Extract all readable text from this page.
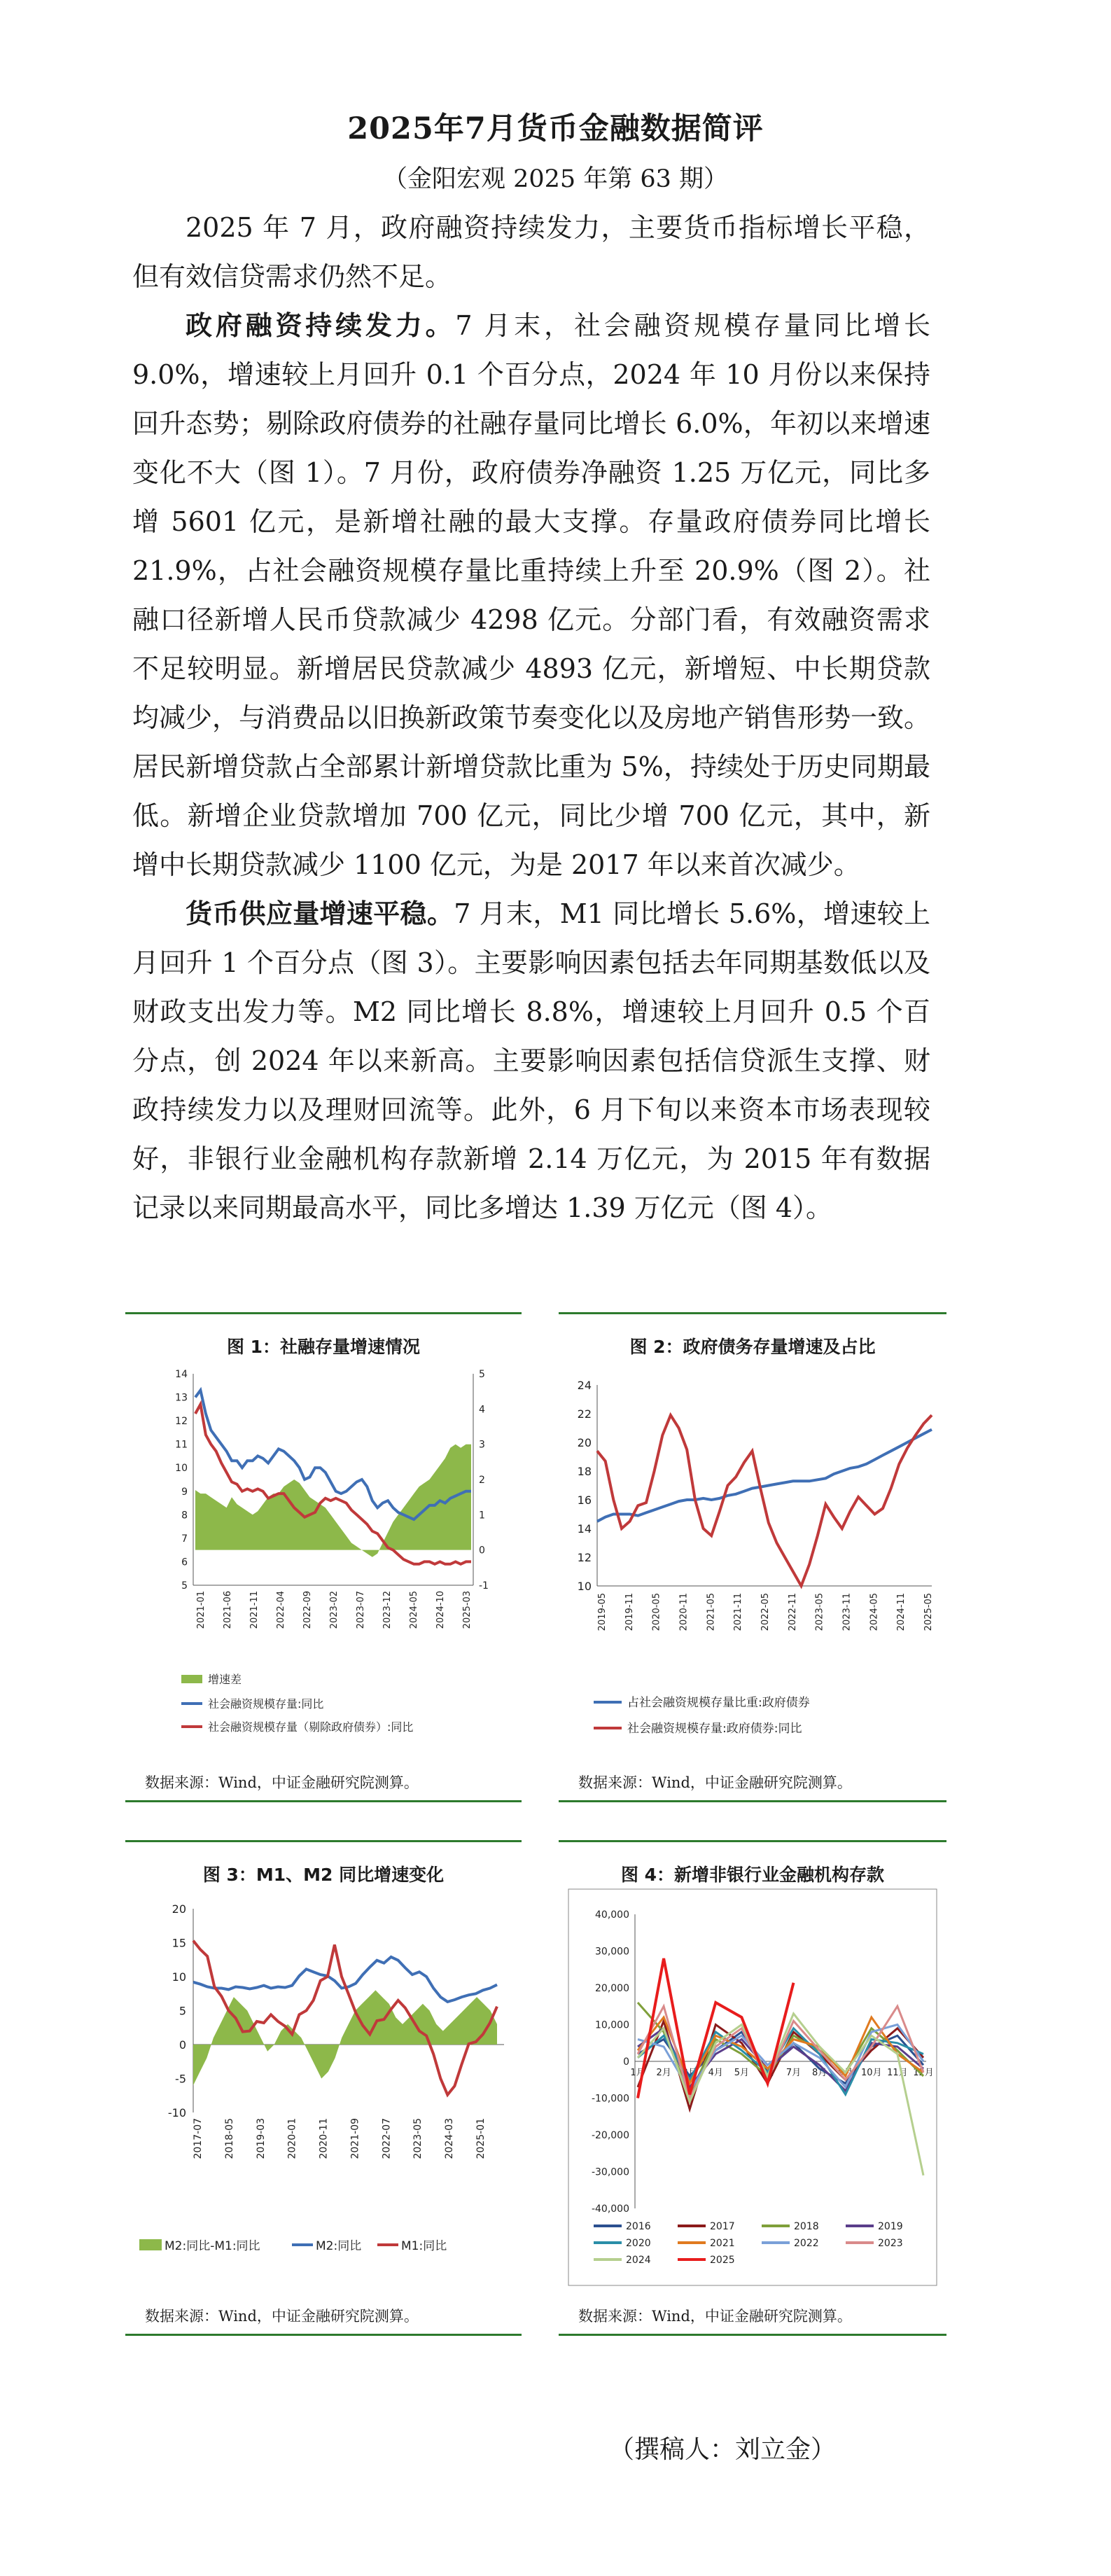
2025年7月货币金融数据简评
（金阳宏观 2025 年第 63 期）

2025 年 7 月，政府融资持续发力，主要货币指标增长平稳，但有效信贷需求仍然不足。

政府融资持续发力。7 月末，社会融资规模存量同比增长 9.0%，增速较上月回升 0.1 个百分点，2024 年 10 月份以来保持回升态势；剔除政府债券的社融存量同比增长 6.0%，年初以来增速变化不大（图 1）。7 月份，政府债券净融资 1.25 万亿元，同比多增 5601 亿元，是新增社融的最大支撑。存量政府债券同比增长 21.9%，占社会融资规模存量比重持续上升至 20.9%（图 2）。社融口径新增人民币贷款减少 4298 亿元。分部门看，有效融资需求不足较明显。新增居民贷款减少 4893 亿元，新增短、中长期贷款均减少，与消费品以旧换新政策节奏变化以及房地产销售形势一致。居民新增贷款占全部累计新增贷款比重为 5%，持续处于历史同期最低。新增企业贷款增加 700 亿元，同比少增 700 亿元，其中，新增中长期贷款减少 1100 亿元，为是 2017 年以来首次减少。

货币供应量增速平稳。7 月末，M1 同比增长 5.6%，增速较上月回升 1 个百分点（图 3）。主要影响因素包括去年同期基数低以及财政支出发力等。M2 同比增长 8.8%，增速较上月回升 0.5 个百分点，创 2024 年以来新高。主要影响因素包括信贷派生支撑、财政持续发力以及理财回流等。此外，6 月下旬以来资本市场表现较好，非银行业金融机构存款新增 2.14 万亿元，为 2015 年有数据记录以来同期最高水平，同比多增达 1.39 万亿元（图 4）。

图 1：社融存量增速情况
14
13
12
11
10
9
8
7
6
5
5
4
3
2
1
0
-1
2021-01 2021-06 2021-11 2022-04 2022-09 2023-02 2023-07 2023-12 2024-05 2024-10 2025-03
增速差
社会融资规模存量:同比
社会融资规模存量（剔除政府债券）:同比
数据来源：Wind，中证金融研究院测算。
图 2：政府债务存量增速及占比
24
22
20
18
16
14
12
10
2019-05 2019-11 2020-05 2020-11 2021-05 2021-11 2022-05 2022-11 2023-05 2023-11 2024-05 2024-11 2025-05
占社会融资规模存量比重:政府债券
社会融资规模存量:政府债券:同比
数据来源：Wind，中证金融研究院测算。
图 3：M1、M2 同比增速变化
20
15
10
5
0
-5
-10
2017-07 2018-05 2019-03 2020-01 2020-11 2021-09 2022-07 2023-05 2024-03 2025-01
M2:同比-M1:同比	M2:同比	M1:同比
数据来源：Wind，中证金融研究院测算。
图 4：新增非银行业金融机构存款
40,000
30,000
20,000
10,000
0
-10,000
-20,000
-30,000
-40,000
1月 2月 3月 4月 5月 6月 7月 8月 9月 10月 11月 12月
2016	2017	2018	2019
2020	2021	2022	2023
2024	2025
数据来源：Wind，中证金融研究院测算。
（撰稿人：刘立金）
